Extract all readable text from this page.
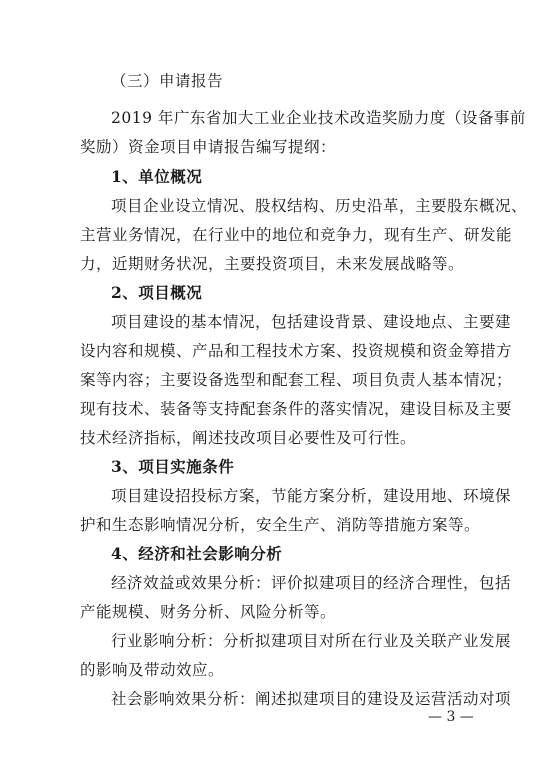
（三）申请报告
2019 年广东省加大工业企业技术改造奖励力度（设备事前
奖励）资金项目申请报告编写提纲：
1、单位概况
项目企业设立情况、股权结构、历史沿革，主要股东概况、
主营业务情况，在行业中的地位和竞争力，现有生产、研发能
力，近期财务状况，主要投资项目，未来发展战略等。
2、项目概况
项目建设的基本情况，包括建设背景、建设地点、主要建
设内容和规模、产品和工程技术方案、投资规模和资金筹措方
案等内容；主要设备选型和配套工程、项目负责人基本情况；
现有技术、装备等支持配套条件的落实情况，建设目标及主要
技术经济指标，阐述技改项目必要性及可行性。
3、项目实施条件
项目建设招投标方案，节能方案分析，建设用地、环境保
护和生态影响情况分析，安全生产、消防等措施方案等。
4、经济和社会影响分析
经济效益或效果分析：评价拟建项目的经济合理性，包括
产能规模、财务分析、风险分析等。
行业影响分析：分析拟建项目对所在行业及关联产业发展
的影响及带动效应。
社会影响效果分析：阐述拟建项目的建设及运营活动对项
— 3 —
